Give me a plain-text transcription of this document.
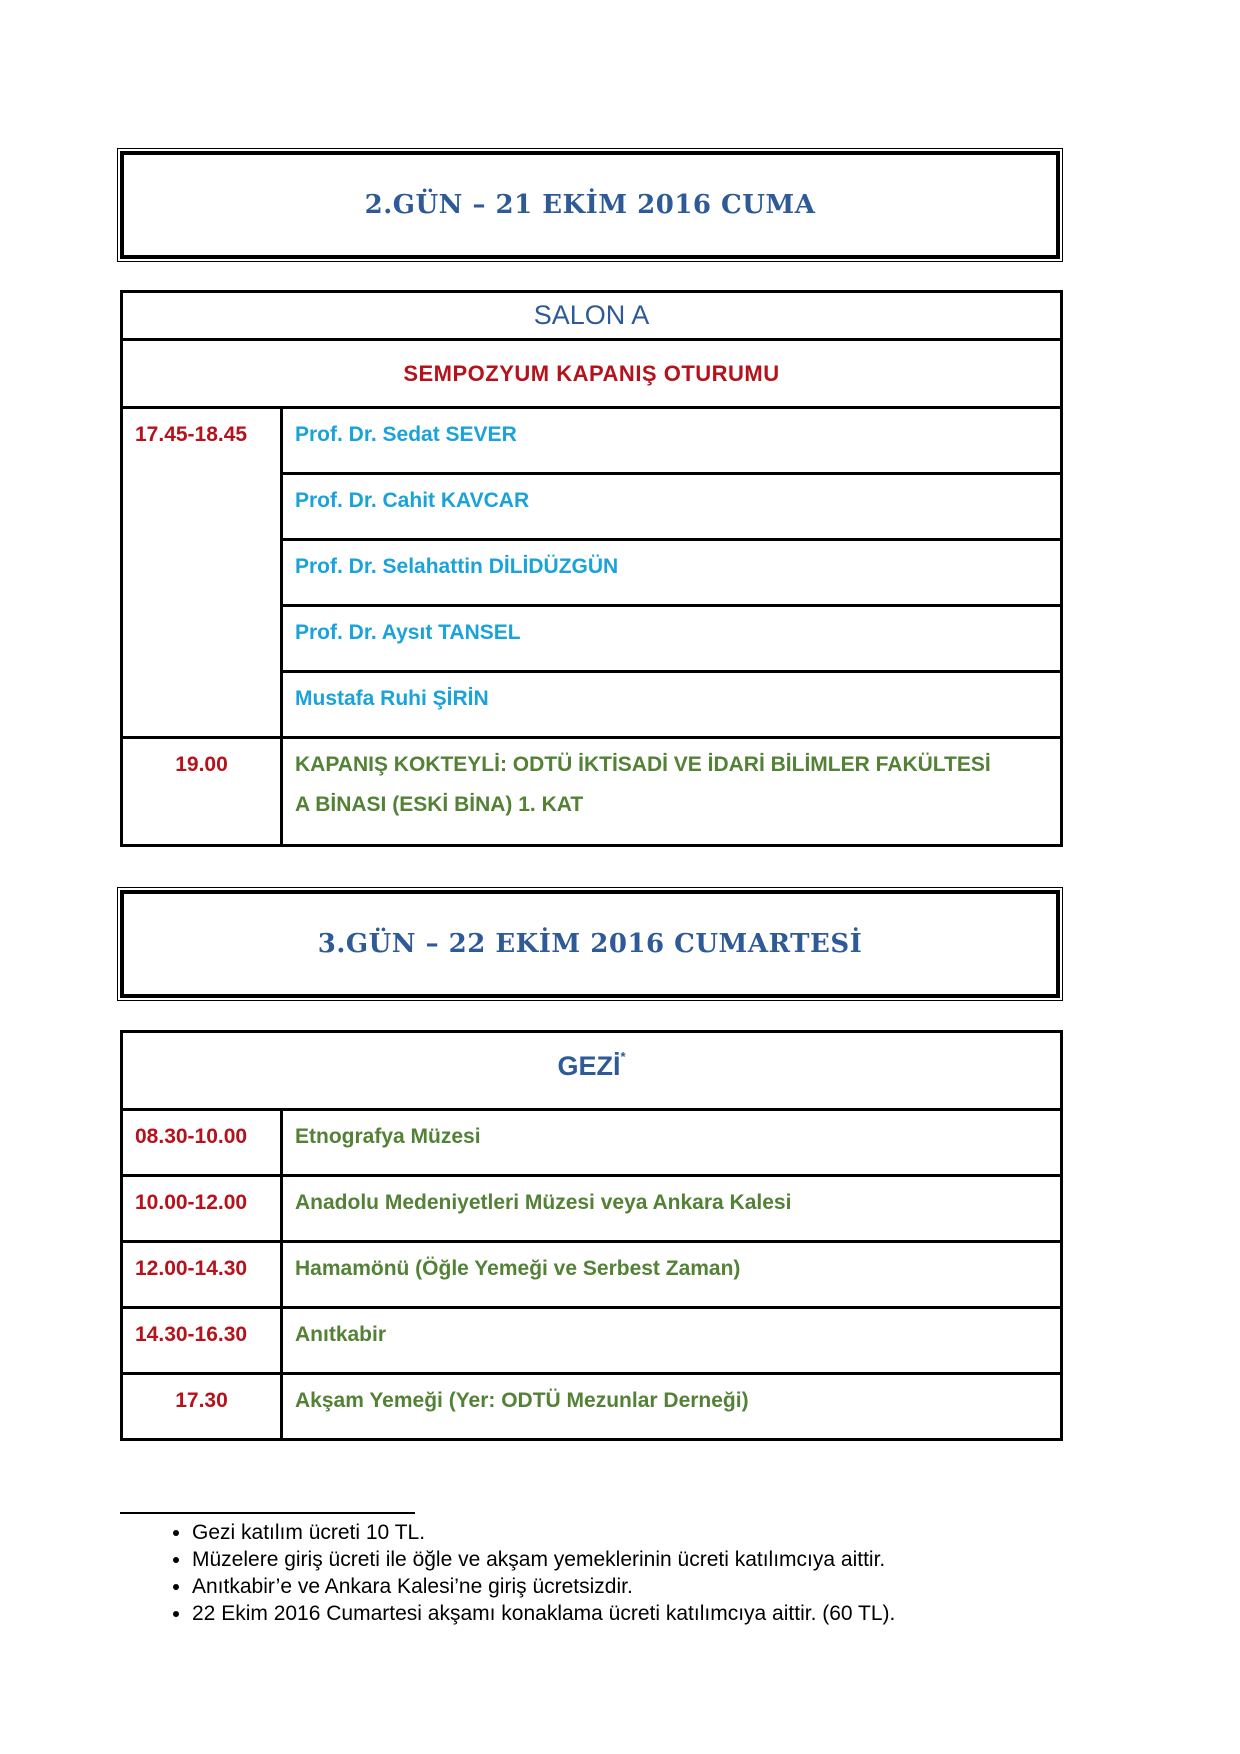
2.GÜN – 21 EKİM 2016 CUMA
SALON A	
SEMPOZYUM KAPANIŞ OTURUMU	
17.45-18.45	Prof. Dr. Sedat SEVER
	Prof. Dr. Cahit KAVCAR
	Prof. Dr. Selahattin DİLİDÜZGÜN
	Prof. Dr. Aysıt TANSEL
	Mustafa Ruhi ŞİRİN
19.00	KAPANIŞ KOKTEYLİ: ODTÜ İKTİSADİ VE İDARİ BİLİMLER FAKÜLTESİ
A BİNASI (ESKİ BİNA) 1. KAT
3.GÜN – 22 EKİM 2016 CUMARTESİ
GEZİ*
08.30-10.00	Etnografya Müzesi
10.00-12.00	Anadolu Medeniyetleri Müzesi veya Ankara Kalesi
12.00-14.30	Hamamönü (Öğle Yemeği ve Serbest Zaman)
14.30-16.30	Anıtkabir
17.30	Akşam Yemeği (Yer: ODTÜ Mezunlar Derneği)
• Gezi katılım ücreti 10 TL.
• Müzelere giriş ücreti ile öğle ve akşam yemeklerinin ücreti katılımcıya aittir.
• Anıtkabir’e ve Ankara Kalesi’ne giriş ücretsizdir.
• 22 Ekim 2016 Cumartesi akşamı konaklama ücreti katılımcıya aittir. (60 TL).
